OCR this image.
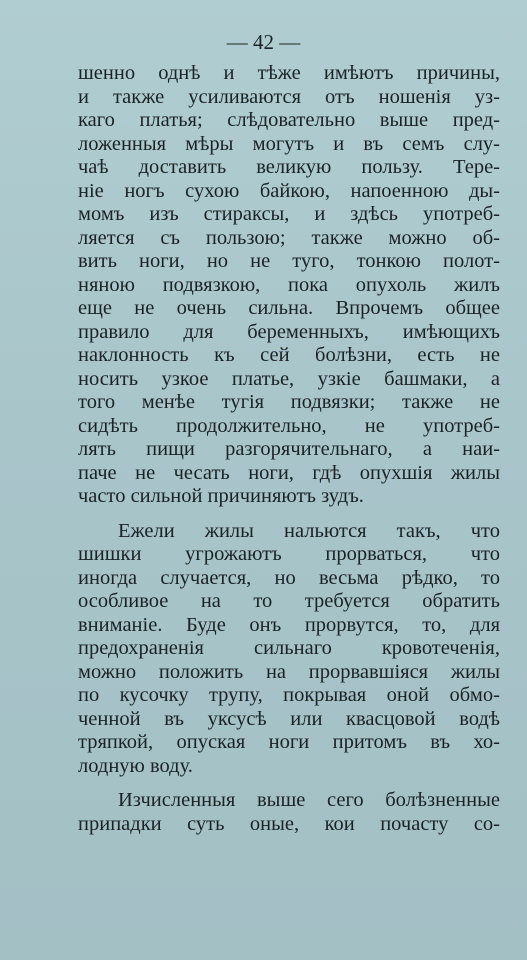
— 42 —
шенно однѣ и тѣже имѣютъ причины,
и также усиливаются отъ ношенія уз-
каго платья; слѣдовательно выше пред-
ложенныя мѣры могутъ и въ семъ слу-
чаѣ доставить великую пользу. Тере-
ніе ногъ сухою байкою, напоенною ды-
момъ изъ стираксы, и здѣсь употреб-
ляется съ пользою; также можно об-
вить ноги, но не туго, тонкою полот-
няною подвязкою, пока опухоль жилъ
еще не очень сильна. Впрочемъ общее
правило для беременныхъ, имѣющихъ
наклонность къ сей болѣзни, есть не
носить узкое платье, узкіе башмаки, а
того менѣе тугія подвязки; также не
сидѣть продолжительно, не употреб-
лять пищи разгорячительнаго, а наи-
паче не чесать ноги, гдѣ опухшія жилы
часто сильной причиняютъ зудъ.
Ежели жилы нальются такъ, что
шишки угрожаютъ прорваться, что
иногда случается, но весьма рѣдко, то
особливое на то требуется обратить
вниманіе. Буде онъ прорвутся, то, для
предохраненія сильнаго кровотеченія,
можно положить на прорвавшіяся жилы
по кусочку трупу, покрывая оной обмо-
ченной въ уксусѣ или квасцовой водѣ
тряпкой, опуская ноги притомъ въ хо-
лодную воду.
Изчисленныя выше сего болѣзненные
припадки суть оные, кои почасту со-
